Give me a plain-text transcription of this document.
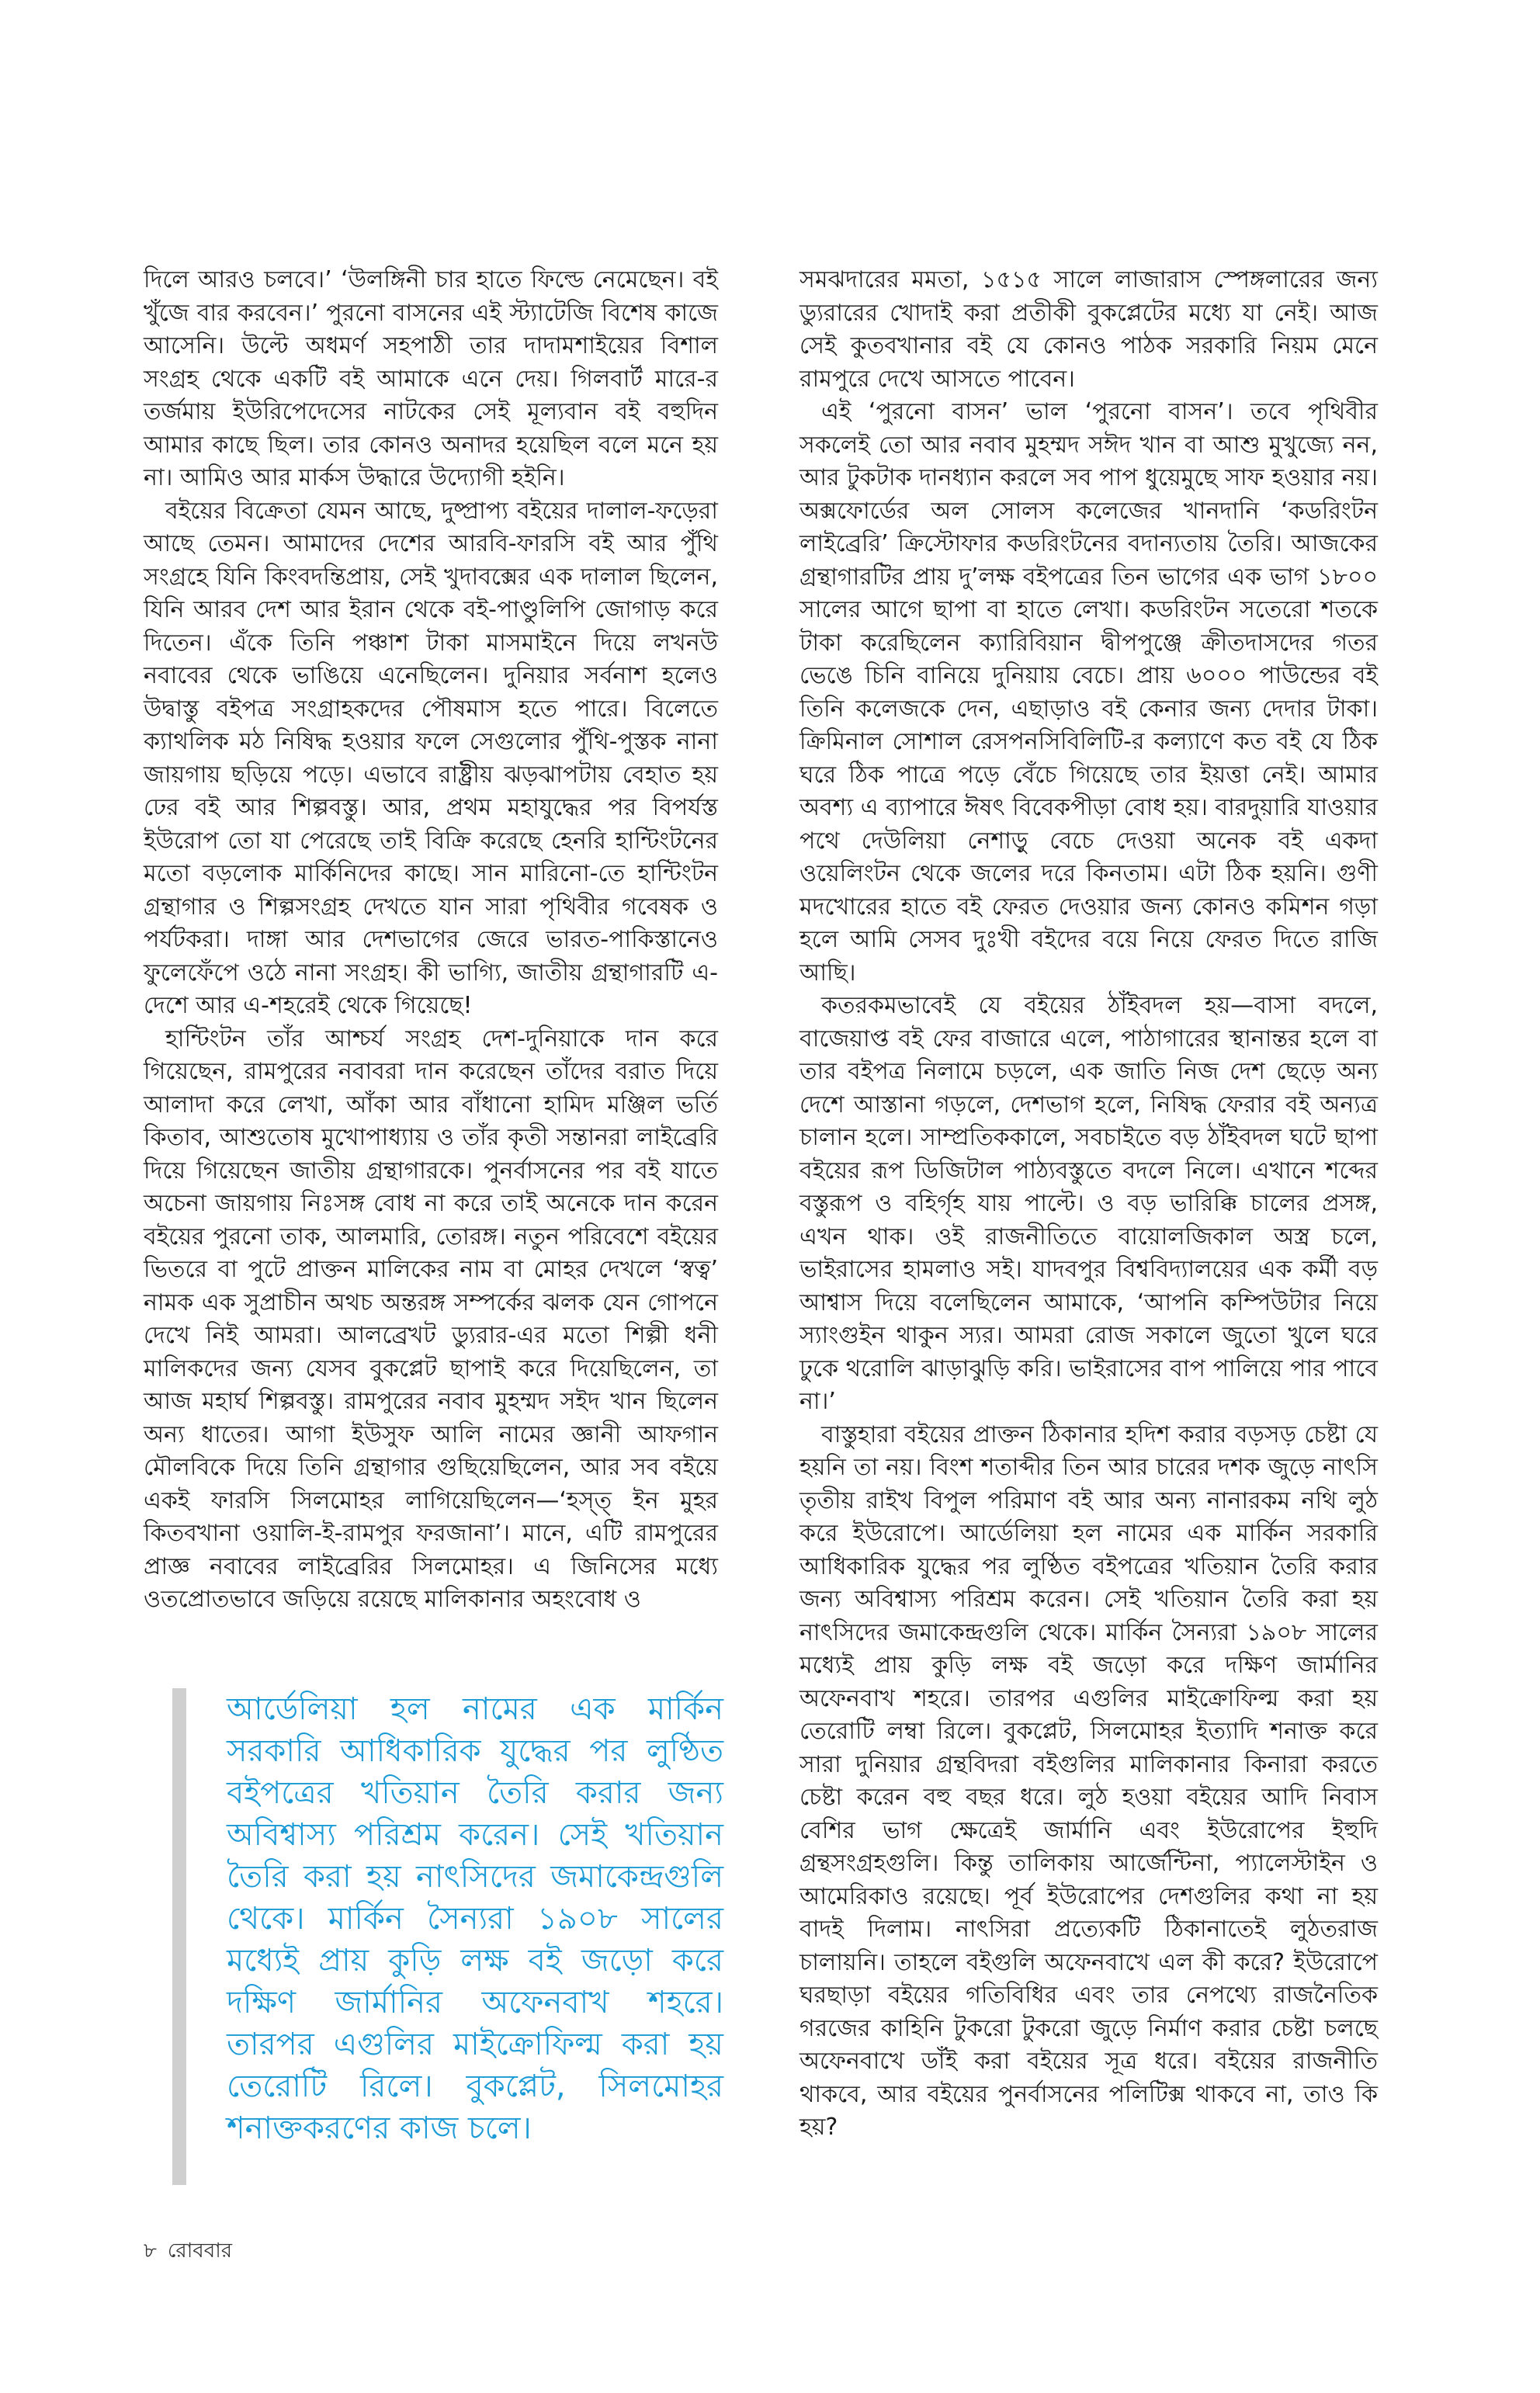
দিলে আরও চলবে।’ ‘উলঙ্গিনী চার হাতে ফিল্ডে নেমেছেন। বই খুঁজে বার করবেন।’ পুরনো বাসনের এই স্ট্যাটেজি বিশেষ কাজে আসেনি। উল্টে অধমর্ণ সহপাঠী তার দাদামশাইয়ের বিশাল সংগ্রহ থেকে একটি বই আমাকে এনে দেয়। গিলবার্ট মারে-র তর্জমায় ইউরিপেদেসের নাটকের সেই মূল্যবান বই বহুদিন আমার কাছে ছিল। তার কোনও অনাদর হয়েছিল বলে মনে হয় না। আমিও আর মার্কস উদ্ধারে উদ্যোগী হইনি।

বইয়ের বিক্রেতা যেমন আছে, দুষ্প্রাপ্য বইয়ের দালাল-ফড়েরা আছে তেমন। আমাদের দেশের আরবি-ফারসি বই আর পুঁথি সংগ্রহে যিনি কিংবদন্তিপ্রায়, সেই খুদাবক্সের এক দালাল ছিলেন, যিনি আরব দেশ আর ইরান থেকে বই-পাণ্ডুলিপি জোগাড় করে দিতেন। এঁকে তিনি পঞ্চাশ টাকা মাসমাইনে দিয়ে লখনউ নবাবের থেকে ভাঙিয়ে এনেছিলেন। দুনিয়ার সর্বনাশ হলেও উদ্বাস্তু বইপত্র সংগ্রাহকদের পৌষমাস হতে পারে। বিলেতে ক্যাথলিক মঠ নিষিদ্ধ হওয়ার ফলে সেগুলোর পুঁথি-পুস্তক নানা জায়গায় ছড়িয়ে পড়ে। এভাবে রাষ্ট্রীয় ঝড়ঝাপটায় বেহাত হয় ঢের বই আর শিল্পবস্তু। আর, প্রথম মহাযুদ্ধের পর বিপর্যস্ত ইউরোপ তো যা পেরেছে তাই বিক্রি করেছে হেনরি হান্টিংটনের মতো বড়লোক মার্কিনিদের কাছে। সান মারিনো-তে হান্টিংটন গ্রন্থাগার ও শিল্পসংগ্রহ দেখতে যান সারা পৃথিবীর গবেষক ও পর্যটকরা। দাঙ্গা আর দেশভাগের জেরে ভারত-পাকিস্তানেও ফুলেফেঁপে ওঠে নানা সংগ্রহ। কী ভাগ্যি, জাতীয় গ্রন্থাগারটি এ-দেশে আর এ-শহরেই থেকে গিয়েছে!

হান্টিংটন তাঁর আশ্চর্য সংগ্রহ দেশ-দুনিয়াকে দান করে গিয়েছেন, রামপুরের নবাবরা দান করেছেন তাঁদের বরাত দিয়ে আলাদা করে লেখা, আঁকা আর বাঁধানো হামিদ মঞ্জিল ভর্তি কিতাব, আশুতোষ মুখোপাধ্যায় ও তাঁর কৃতী সন্তানরা লাইব্রেরি দিয়ে গিয়েছেন জাতীয় গ্রন্থাগারকে। পুনর্বাসনের পর বই যাতে অচেনা জায়গায় নিঃসঙ্গ বোধ না করে তাই অনেকে দান করেন বইয়ের পুরনো তাক, আলমারি, তোরঙ্গ। নতুন পরিবেশে বইয়ের ভিতরে বা পুটে প্রাক্তন মালিকের নাম বা মোহর দেখলে ‘স্বত্ব’ নামক এক সুপ্রাচীন অথচ অন্তরঙ্গ সম্পর্কের ঝলক যেন গোপনে দেখে নিই আমরা। আলব্রেখট ড্যুরার-এর মতো শিল্পী ধনী মালিকদের জন্য যেসব বুকপ্লেট ছাপাই করে দিয়েছিলেন, তা আজ মহার্ঘ শিল্পবস্তু। রামপুরের নবাব মুহম্মদ সইদ খান ছিলেন অন্য ধাতের। আগা ইউসুফ আলি নামের জ্ঞানী আফগান মৌলবিকে দিয়ে তিনি গ্রন্থাগার গুছিয়েছিলেন, আর সব বইয়ে একই ফারসি সিলমোহর লাগিয়েছিলেন—‘হস্ত্ ইন মুহর কিতবখানা ওয়ালি-ই-রামপুর ফরজানা’। মানে, এটি রামপুরের প্রাজ্ঞ নবাবের লাইব্রেরির সিলমোহর। এ জিনিসের মধ্যে ওতপ্রোতভাবে জড়িয়ে রয়েছে মালিকানার অহংবোধ ও

আর্ডেলিয়া হল নামের এক মার্কিন সরকারি আধিকারিক যুদ্ধের পর লুণ্ঠিত বইপত্রের খতিয়ান তৈরি করার জন্য অবিশ্বাস্য পরিশ্রম করেন। সেই খতিয়ান তৈরি করা হয় নাৎসিদের জমাকেন্দ্রগুলি থেকে। মার্কিন সৈন্যরা ১৯০৮ সালের মধ্যেই প্রায় কুড়ি লক্ষ বই জড়ো করে দক্ষিণ জার্মানির অফেনবাখ শহরে। তারপর এগুলির মাইক্রোফিল্ম করা হয় তেরোটি রিলে। বুকপ্লেট, সিলমোহর শনাক্তকরণের কাজ চলে।

সমঝদারের মমতা, ১৫১৫ সালে লাজারাস স্পেঙ্গলারের জন্য ড্যুরারের খোদাই করা প্রতীকী বুকপ্লেটের মধ্যে যা নেই। আজ সেই কুতবখানার বই যে কোনও পাঠক সরকারি নিয়ম মেনে রামপুরে দেখে আসতে পাবেন।

এই ‘পুরনো বাসন’ ভাল ‘পুরনো বাসন’। তবে পৃথিবীর সকলেই তো আর নবাব মুহম্মদ সঈদ খান বা আশু মুখুজ্যে নন, আর টুকটাক দানধ্যান করলে সব পাপ ধুয়েমুছে সাফ হওয়ার নয়। অক্সফোর্ডের অল সোলস কলেজের খানদানি ‘কডরিংটন লাইব্রেরি’ ক্রিস্টোফার কডরিংটনের বদান্যতায় তৈরি। আজকের গ্রন্থাগারটির প্রায় দু’লক্ষ বইপত্রের তিন ভাগের এক ভাগ ১৮০০ সালের আগে ছাপা বা হাতে লেখা। কডরিংটন সতেরো শতকে টাকা করেছিলেন ক্যারিবিয়ান দ্বীপপুঞ্জে ক্রীতদাসদের গতর ভেঙে চিনি বানিয়ে দুনিয়ায় বেচে। প্রায় ৬০০০ পাউন্ডের বই তিনি কলেজকে দেন, এছাড়াও বই কেনার জন্য দেদার টাকা। ক্রিমিনাল সোশাল রেসপনসিবিলিটি-র কল্যাণে কত বই যে ঠিক ঘরে ঠিক পাত্রে পড়ে বেঁচে গিয়েছে তার ইয়ত্তা নেই। আমার অবশ্য এ ব্যাপারে ঈষৎ বিবেকপীড়া বোধ হয়। বারদুয়ারি যাওয়ার পথে দেউলিয়া নেশাড়ু বেচে দেওয়া অনেক বই একদা ওয়েলিংটন থেকে জলের দরে কিনতাম। এটা ঠিক হয়নি। গুণী মদখোরের হাতে বই ফেরত দেওয়ার জন্য কোনও কমিশন গড়া হলে আমি সেসব দুঃখী বইদের বয়ে নিয়ে ফেরত দিতে রাজি আছি।

কতরকমভাবেই যে বইয়ের ঠাঁইবদল হয়—বাসা বদলে, বাজেয়াপ্ত বই ফের বাজারে এলে, পাঠাগারের স্থানান্তর হলে বা তার বইপত্র নিলামে চড়লে, এক জাতি নিজ দেশ ছেড়ে অন্য দেশে আস্তানা গড়লে, দেশভাগ হলে, নিষিদ্ধ ফেরার বই অন্যত্র চালান হলে। সাম্প্রতিককালে, সবচাইতে বড় ঠাঁইবদল ঘটে ছাপা বইয়ের রূপ ডিজিটাল পাঠ্যবস্তুতে বদলে নিলে। এখানে শব্দের বস্তুরূপ ও বহির্গৃহ যায় পাল্টে। ও বড় ভারিক্কি চালের প্রসঙ্গ, এখন থাক। ওই রাজনীতিতে বায়োলজিকাল অস্ত্র চলে, ভাইরাসের হামলাও সই। যাদবপুর বিশ্ববিদ্যালয়ের এক কর্মী বড় আশ্বাস দিয়ে বলেছিলেন আমাকে, ‘আপনি কম্পিউটার নিয়ে স্যাংগুইন থাকুন স্যর। আমরা রোজ সকালে জুতো খুলে ঘরে ঢুকে থরোলি ঝাড়াঝুড়ি করি। ভাইরাসের বাপ পালিয়ে পার পাবে না।’

বাস্তুহারা বইয়ের প্রাক্তন ঠিকানার হদিশ করার বড়সড় চেষ্টা যে হয়নি তা নয়। বিংশ শতাব্দীর তিন আর চারের দশক জুড়ে নাৎসি তৃতীয় রাইখ বিপুল পরিমাণ বই আর অন্য নানারকম নথি লুঠ করে ইউরোপে। আর্ডেলিয়া হল নামের এক মার্কিন সরকারি আধিকারিক যুদ্ধের পর লুণ্ঠিত বইপত্রের খতিয়ান তৈরি করার জন্য অবিশ্বাস্য পরিশ্রম করেন। সেই খতিয়ান তৈরি করা হয় নাৎসিদের জমাকেন্দ্রগুলি থেকে। মার্কিন সৈন্যরা ১৯০৮ সালের মধ্যেই প্রায় কুড়ি লক্ষ বই জড়ো করে দক্ষিণ জার্মানির অফেনবাখ শহরে। তারপর এগুলির মাইক্রোফিল্ম করা হয় তেরোটি লম্বা রিলে। বুকপ্লেট, সিলমোহর ইত্যাদি শনাক্ত করে সারা দুনিয়ার গ্রন্থবিদরা বইগুলির মালিকানার কিনারা করতে চেষ্টা করেন বহু বছর ধরে। লুঠ হওয়া বইয়ের আদি নিবাস বেশির ভাগ ক্ষেত্রেই জার্মানি এবং ইউরোপের ইহুদি গ্রন্থসংগ্রহগুলি। কিন্তু তালিকায় আর্জেন্টিনা, প্যালেস্টাইন ও আমেরিকাও রয়েছে। পূর্ব ইউরোপের দেশগুলির কথা না হয় বাদই দিলাম। নাৎসিরা প্রত্যেকটি ঠিকানাতেই লুঠতরাজ চালায়নি। তাহলে বইগুলি অফেনবাখে এল কী করে? ইউরোপে ঘরছাড়া বইয়ের গতিবিধির এবং তার নেপথ্যে রাজনৈতিক গরজের কাহিনি টুকরো টুকরো জুড়ে নির্মাণ করার চেষ্টা চলছে অফেনবাখে ডাঁই করা বইয়ের সূত্র ধরে। বইয়ের রাজনীতি থাকবে, আর বইয়ের পুনর্বাসনের পলিটিক্স থাকবে না, তাও কি হয়?

৮ রোববার
